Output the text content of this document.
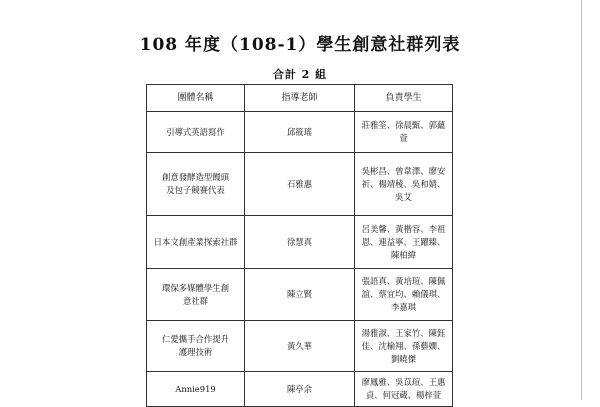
108 年度（108-1）學生創意社群列表
合計 2 組
團體名稱	指導老師	負責學生
引導式英語寫作	邱筱瑤	莊雅筌、徐晨甄、郭蘊萱
創意發酵造型饅頭及包子競賽代表	石雅惠	吳彬昌、曾韋澤、廖安祈、楊靖稜、吳和婧、吳艾
日本文創產業探索社群	徐慧真	呂美馨、黃楷容、李祖恩、連益寧、王躍臻、陳柏緯
環保多媒體學生創意社群	陳立賢	張語真、黃培瑄、陳佩誼、蔡宜均、賴儀琪、李嘉琪
仁愛攜手合作提升護理技術	黃久華	湯雅淑、王家竹、陳鈺佳、沈榆翔、孫藝嫺、劉曉傑
Annie919	陳亭余	廖鳳雅、吳苡瑄、王惠貞、何冠蔵、楊梓萱
